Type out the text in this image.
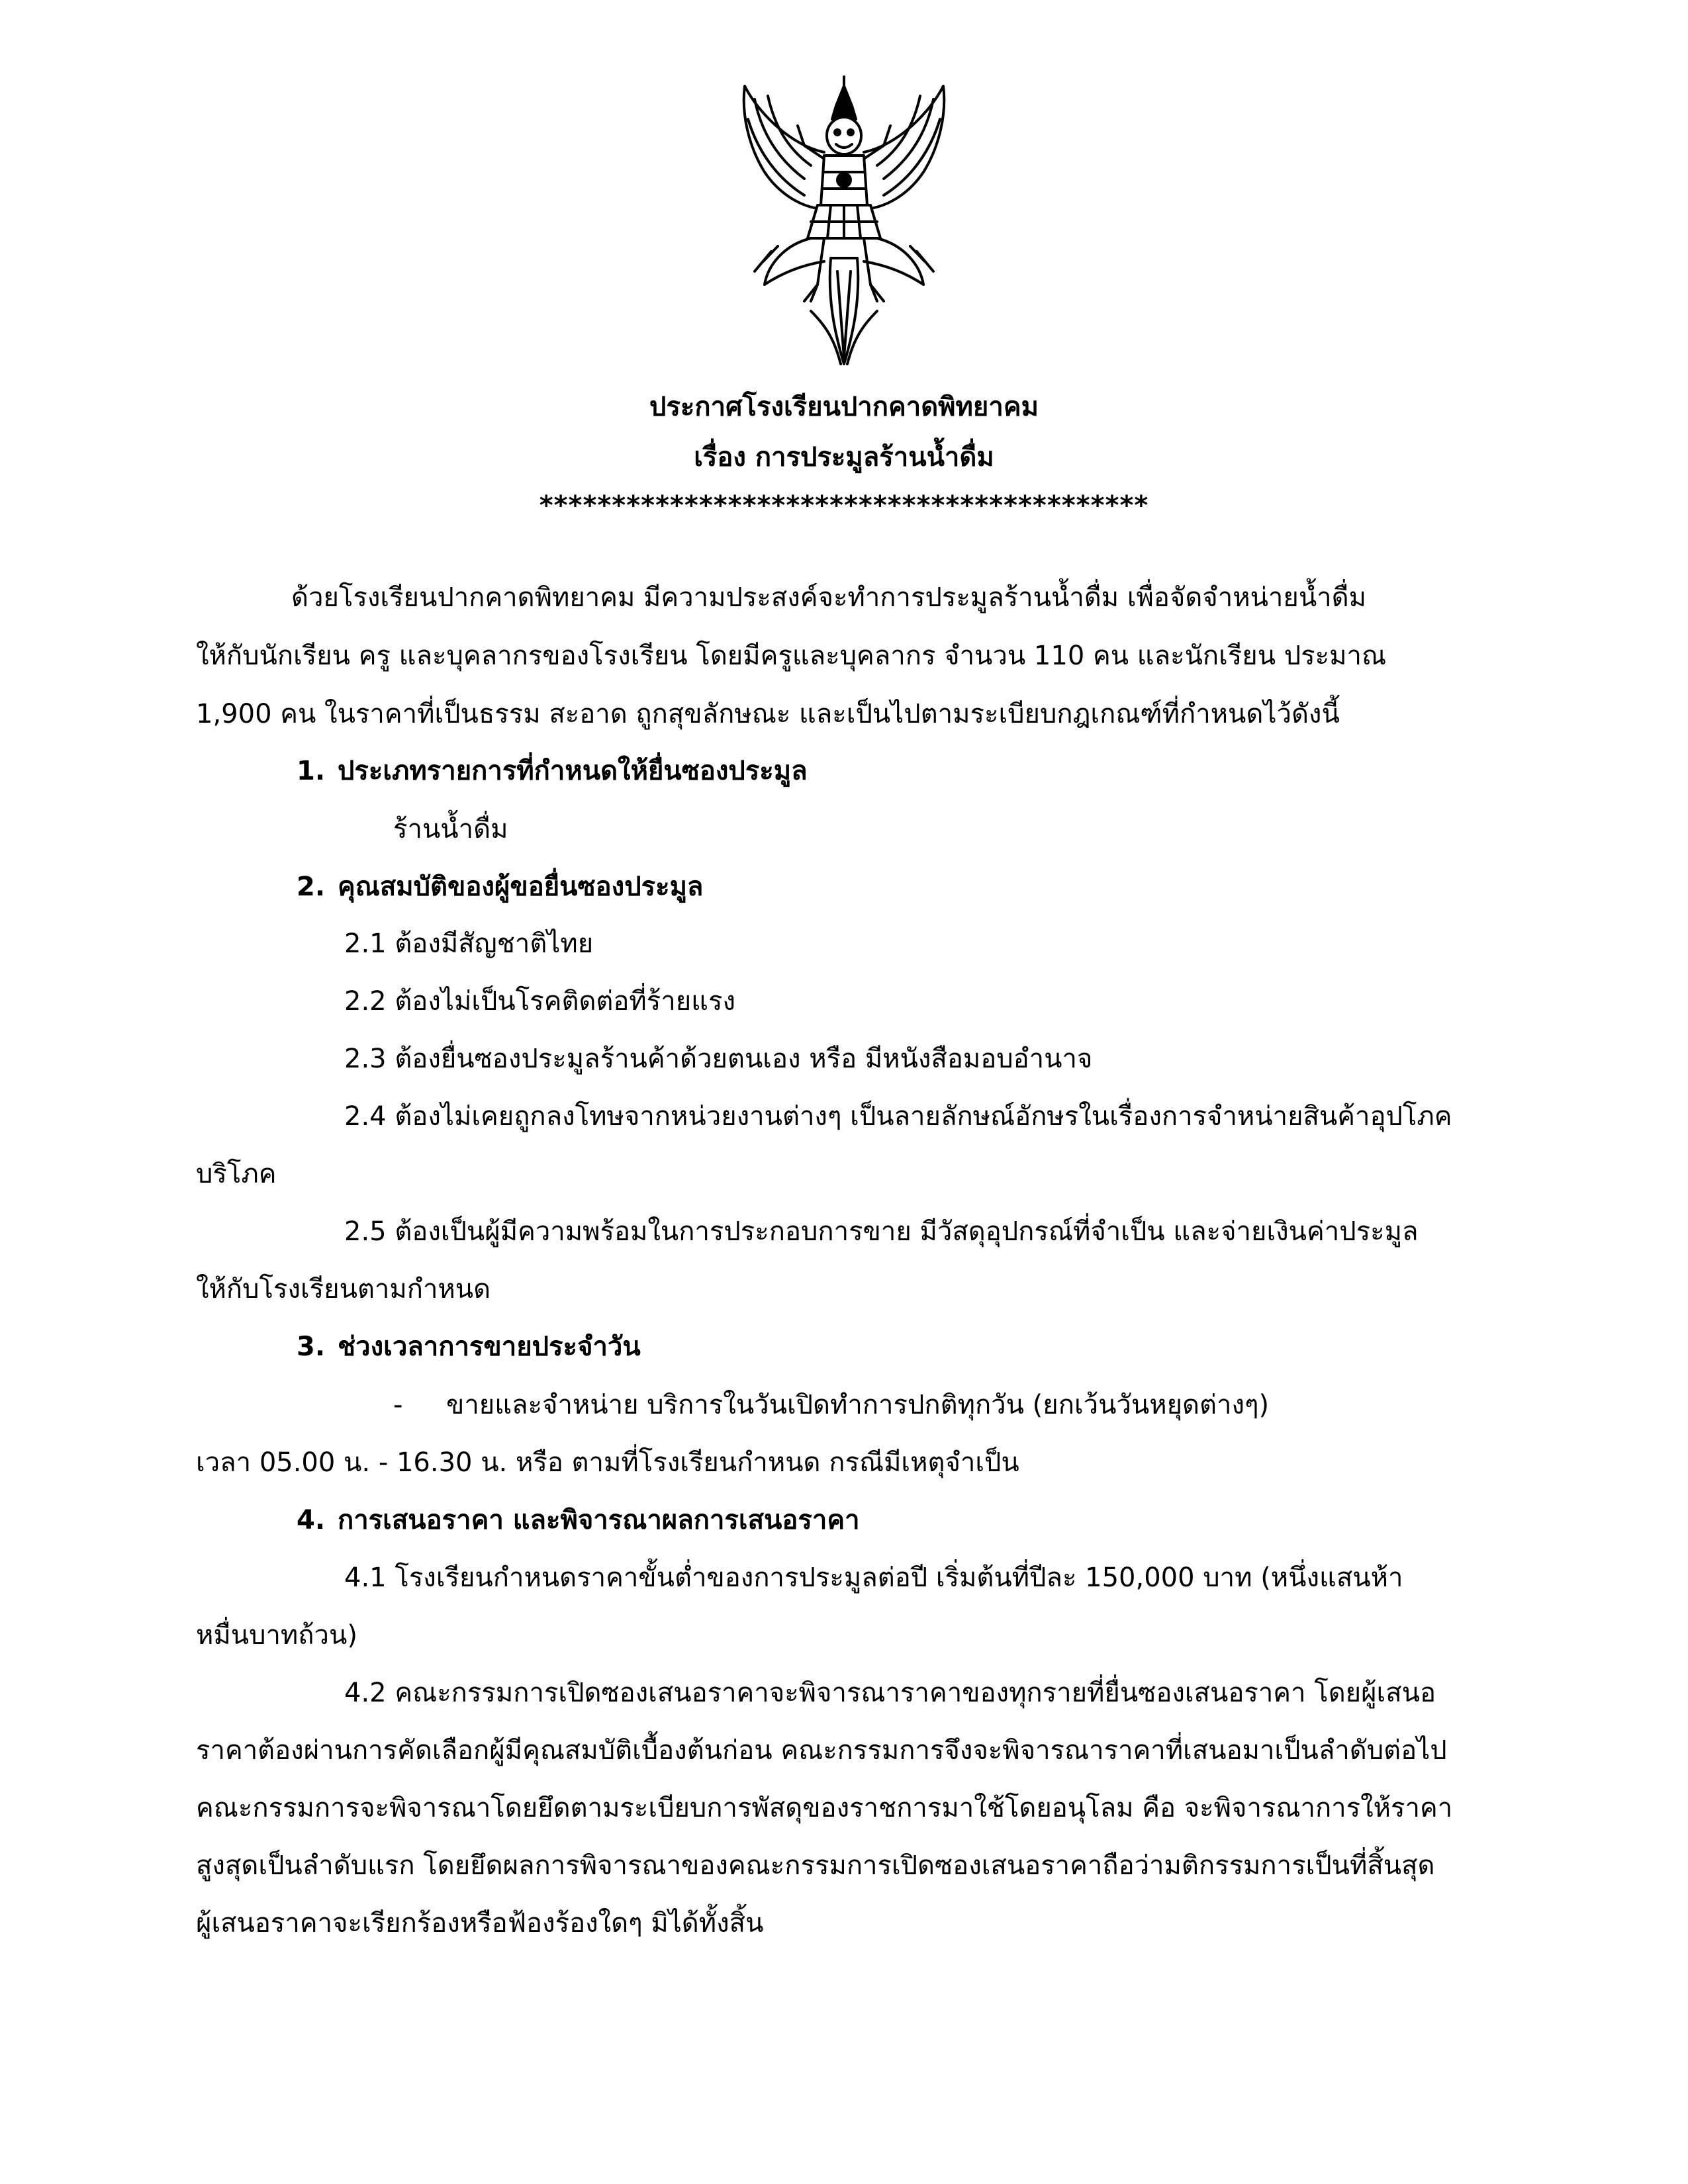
ประกาศโรงเรียนปากคาดพิทยาคม
เรื่อง การประมูลร้านน้ำดื่ม
******************************************
ด้วยโรงเรียนปากคาดพิทยาคม มีความประสงค์จะทำการประมูลร้านน้ำดื่ม เพื่อจัดจำหน่ายน้ำดื่ม
ให้กับนักเรียน ครู และบุคลากรของโรงเรียน โดยมีครูและบุคลากร จำนวน 110 คน และนักเรียน ประมาณ
1,900 คน ในราคาที่เป็นธรรม สะอาด ถูกสุขลักษณะ และเป็นไปตามระเบียบกฎเกณฑ์ที่กำหนดไว้ดังนี้
1. ประเภทรายการที่กำหนดให้ยื่นซองประมูล
ร้านน้ำดื่ม
2. คุณสมบัติของผู้ขอยื่นซองประมูล
2.1 ต้องมีสัญชาติไทย
2.2 ต้องไม่เป็นโรคติดต่อที่ร้ายแรง
2.3 ต้องยื่นซองประมูลร้านค้าด้วยตนเอง หรือ มีหนังสือมอบอำนาจ
2.4 ต้องไม่เคยถูกลงโทษจากหน่วยงานต่างๆ เป็นลายลักษณ์อักษรในเรื่องการจำหน่ายสินค้าอุปโภค
บริโภค
2.5 ต้องเป็นผู้มีความพร้อมในการประกอบการขาย มีวัสดุอุปกรณ์ที่จำเป็น และจ่ายเงินค่าประมูล
ให้กับโรงเรียนตามกำหนด
3. ช่วงเวลาการขายประจำวัน
- ขายและจำหน่าย บริการในวันเปิดทำการปกติทุกวัน (ยกเว้นวันหยุดต่างๆ)
เวลา 05.00 น. - 16.30 น. หรือ ตามที่โรงเรียนกำหนด กรณีมีเหตุจำเป็น
4. การเสนอราคา และพิจารณาผลการเสนอราคา
4.1 โรงเรียนกำหนดราคาขั้นต่ำของการประมูลต่อปี เริ่มต้นที่ปีละ 150,000 บาท (หนึ่งแสนห้า
หมื่นบาทถ้วน)
4.2 คณะกรรมการเปิดซองเสนอราคาจะพิจารณาราคาของทุกรายที่ยื่นซองเสนอราคา โดยผู้เสนอ
ราคาต้องผ่านการคัดเลือกผู้มีคุณสมบัติเบื้องต้นก่อน คณะกรรมการจึงจะพิจารณาราคาที่เสนอมาเป็นลำดับต่อไป
คณะกรรมการจะพิจารณาโดยยึดตามระเบียบการพัสดุของราชการมาใช้โดยอนุโลม คือ จะพิจารณาการให้ราคา
สูงสุดเป็นลำดับแรก โดยยึดผลการพิจารณาของคณะกรรมการเปิดซองเสนอราคาถือว่ามติกรรมการเป็นที่สิ้นสุด
ผู้เสนอราคาจะเรียกร้องหรือฟ้องร้องใดๆ มิได้ทั้งสิ้น
